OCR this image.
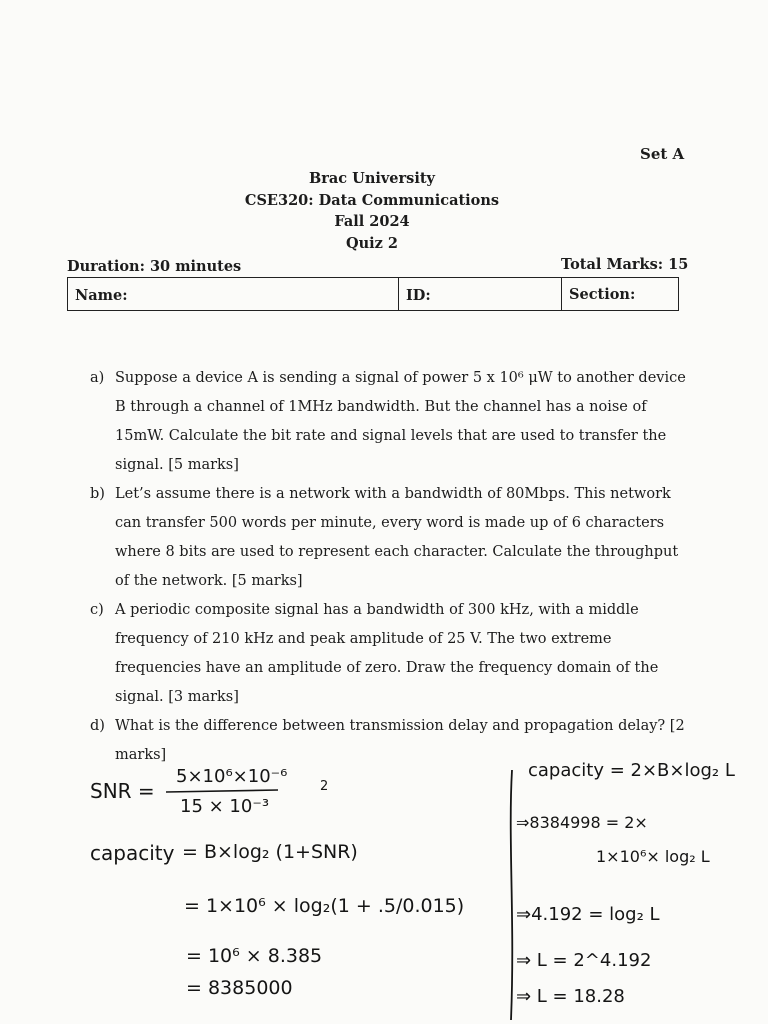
Set A
Brac University
CSE320: Data Communications
Fall 2024
Quiz 2
Duration: 30 minutes	Total Marks: 15
Name:	ID:	Section:
a) Suppose a device A is sending a signal of power 5 x 10⁶ μW to another device B through a channel of 1MHz bandwidth. But the channel has a noise of 15mW. Calculate the bit rate and signal levels that are used to transfer the signal. [5 marks]
b) Let’s assume there is a network with a bandwidth of 80Mbps. This network can transfer 500 words per minute, every word is made up of 6 characters where 8 bits are used to represent each character. Calculate the throughput of the network. [5 marks]
c) A periodic composite signal has a bandwidth of 300 kHz, with a middle frequency of 210 kHz and peak amplitude of 25 V. The two extreme frequencies have an amplitude of zero. Draw the frequency domain of the signal. [3 marks]
d) What is the difference between transmission delay and propagation delay? [2 marks]
SNR =
5×10⁶×10⁻⁶
15 × 10⁻³
2
capacity = B×log₂ (1+SNR)
= 1×10⁶ × log₂(1 + .5/0.015)
= 10⁶ × 8.385
= 8385000
capacity = 2×B×log₂ L
⇒8384998 = 2×
1×10⁶× log₂ L
⇒4.192 = log₂ L
⇒ L = 2^4.192
⇒ L = 18.28
